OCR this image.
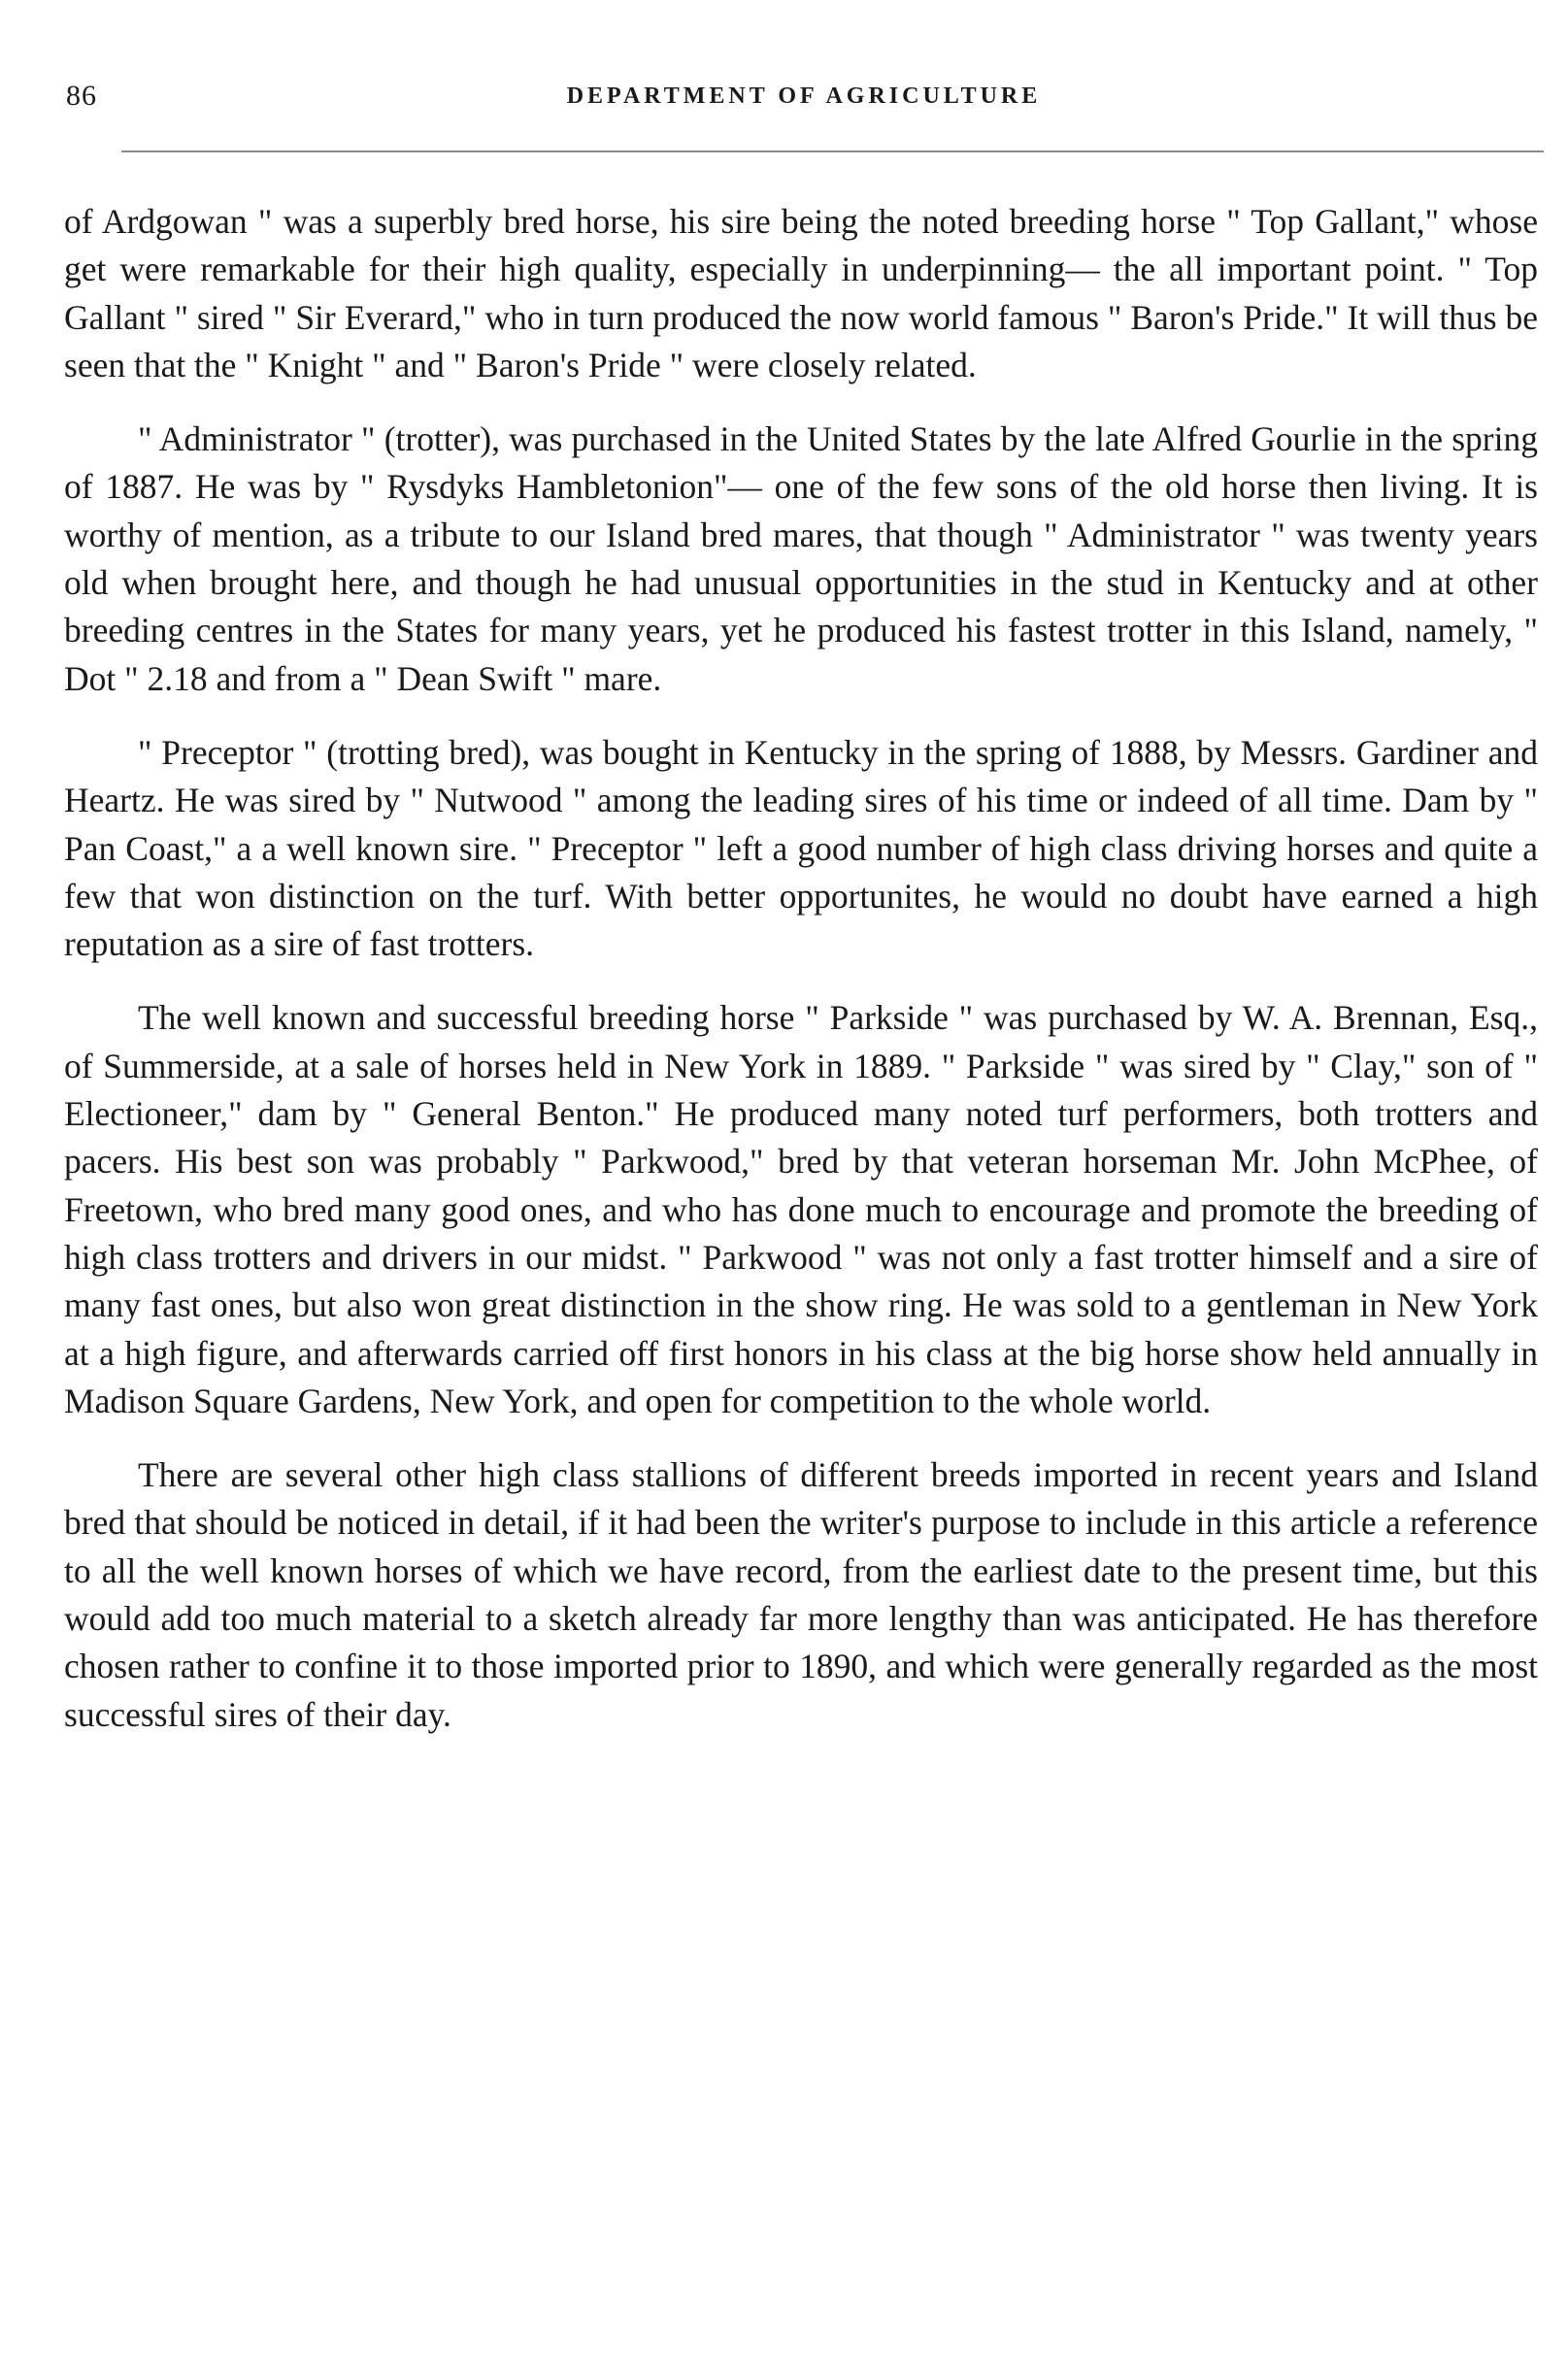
86	DEPARTMENT OF AGRICULTURE

of Ardgowan " was a superbly bred horse, his sire being the noted breeding horse " Top Gallant," whose get were remarkable for their high quality, especially in underpinning— the all important point. " Top Gallant " sired " Sir Everard," who in turn produced the now world famous " Baron's Pride." It will thus be seen that the " Knight " and " Baron's Pride " were closely related.

" Administrator " (trotter), was purchased in the United States by the late Alfred Gourlie in the spring of 1887. He was by " Rysdyks Hambletonion"— one of the few sons of the old horse then living. It is worthy of mention, as a tribute to our Island bred mares, that though " Administrator " was twenty years old when brought here, and though he had unusual opportunities in the stud in Kentucky and at other breeding centres in the States for many years, yet he produced his fastest trotter in this Island, namely, " Dot " 2.18 and from a " Dean Swift " mare.

" Preceptor " (trotting bred), was bought in Kentucky in the spring of 1888, by Messrs. Gardiner and Heartz. He was sired by " Nutwood " among the leading sires of his time or indeed of all time. Dam by " Pan Coast," a a well known sire. " Preceptor " left a good number of high class driving horses and quite a few that won distinction on the turf. With better opportunites, he would no doubt have earned a high reputation as a sire of fast trotters.

The well known and successful breeding horse " Parkside " was purchased by W. A. Brennan, Esq., of Summerside, at a sale of horses held in New York in 1889. " Parkside " was sired by " Clay," son of " Electioneer," dam by " General Benton." He produced many noted turf performers, both trotters and pacers. His best son was probably " Parkwood," bred by that veteran horseman Mr. John McPhee, of Freetown, who bred many good ones, and who has done much to encourage and promote the breeding of high class trotters and drivers in our midst. " Parkwood " was not only a fast trotter himself and a sire of many fast ones, but also won great distinction in the show ring. He was sold to a gentleman in New York at a high figure, and afterwards carried off first honors in his class at the big horse show held annually in Madison Square Gardens, New York, and open for competition to the whole world.

There are several other high class stallions of different breeds imported in recent years and Island bred that should be noticed in detail, if it had been the writer's purpose to include in this article a reference to all the well known horses of which we have record, from the earliest date to the present time, but this would add too much material to a sketch already far more lengthy than was anticipated. He has therefore chosen rather to confine it to those imported prior to 1890, and which were generally regarded as the most successful sires of their day.
